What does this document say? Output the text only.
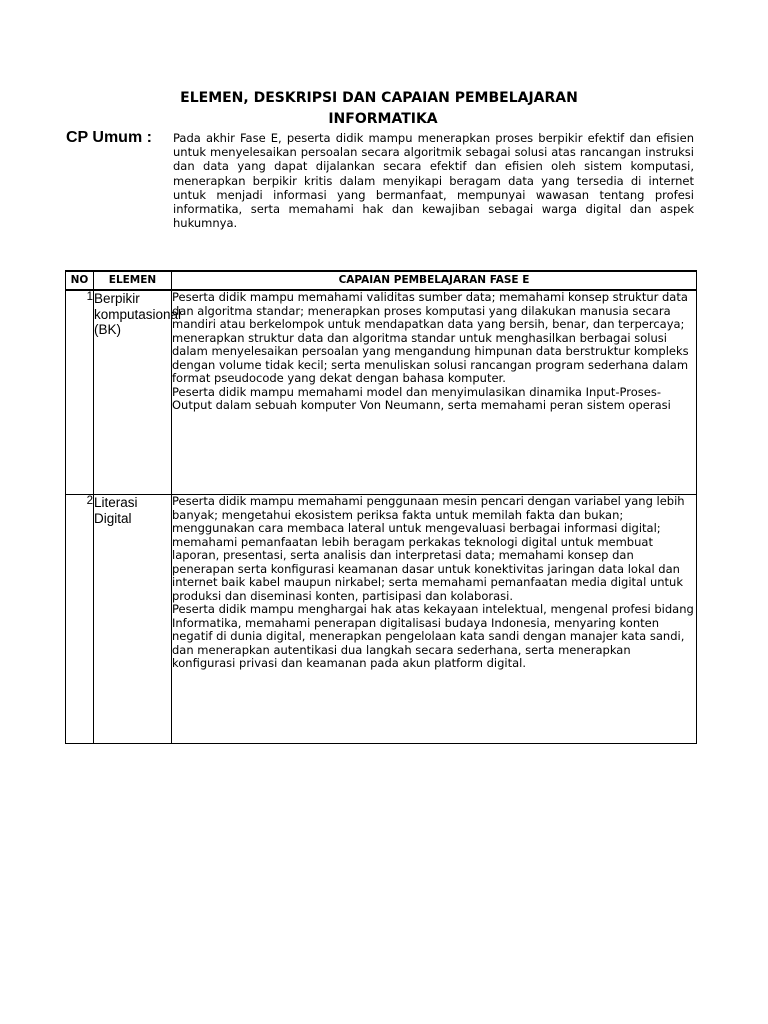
ELEMEN, DESKRIPSI DAN CAPAIAN PEMBELAJARAN
INFORMATIKA
CP Umum : Pada akhir Fase E, peserta didik mampu menerapkan proses berpikir efektif dan efisien untuk menyelesaikan persoalan secara algoritmik sebagai solusi atas rancangan instruksi dan data yang dapat dijalankan secara efektif dan efisien oleh sistem komputasi, menerapkan berpikir kritis dalam menyikapi beragam data yang tersedia di internet untuk menjadi informasi yang bermanfaat, mempunyai wawasan tentang profesi informatika, serta memahami hak dan kewajiban sebagai warga digital dan aspek hukumnya.
NO	ELEMEN	CAPAIAN PEMBELAJARAN FASE E
1	Berpikir komputasional (BK)	Peserta didik mampu memahami validitas sumber data; memahami konsep struktur data dan algoritma standar; menerapkan proses komputasi yang dilakukan manusia secara mandiri atau berkelompok untuk mendapatkan data yang bersih, benar, dan terpercaya; menerapkan struktur data dan algoritma standar untuk menghasilkan berbagai solusi dalam menyelesaikan persoalan yang mengandung himpunan data berstruktur kompleks dengan volume tidak kecil; serta menuliskan solusi rancangan program sederhana dalam format pseudocode yang dekat dengan bahasa komputer.

Peserta didik mampu memahami model dan menyimulasikan dinamika Input-Proses-Output dalam sebuah komputer Von Neumann, serta memahami peran sistem operasi

2	Literasi Digital	Peserta didik mampu memahami penggunaan mesin pencari dengan variabel yang lebih banyak; mengetahui ekosistem periksa fakta untuk memilah fakta dan bukan; menggunakan cara membaca lateral untuk mengevaluasi berbagai informasi digital; memahami pemanfaatan lebih beragam perkakas teknologi digital untuk membuat laporan, presentasi, serta analisis dan interpretasi data; memahami konsep dan penerapan serta konfigurasi keamanan dasar untuk konektivitas jaringan data lokal dan internet baik kabel maupun nirkabel; serta memahami pemanfaatan media digital untuk produksi dan diseminasi konten, partisipasi dan kolaborasi.

Peserta didik mampu menghargai hak atas kekayaan intelektual, mengenal profesi bidang Informatika, memahami penerapan digitalisasi budaya Indonesia, menyaring konten negatif di dunia digital, menerapkan pengelolaan kata sandi dengan manajer kata sandi, dan menerapkan autentikasi dua langkah secara sederhana, serta menerapkan konfigurasi privasi dan keamanan pada akun platform digital.
